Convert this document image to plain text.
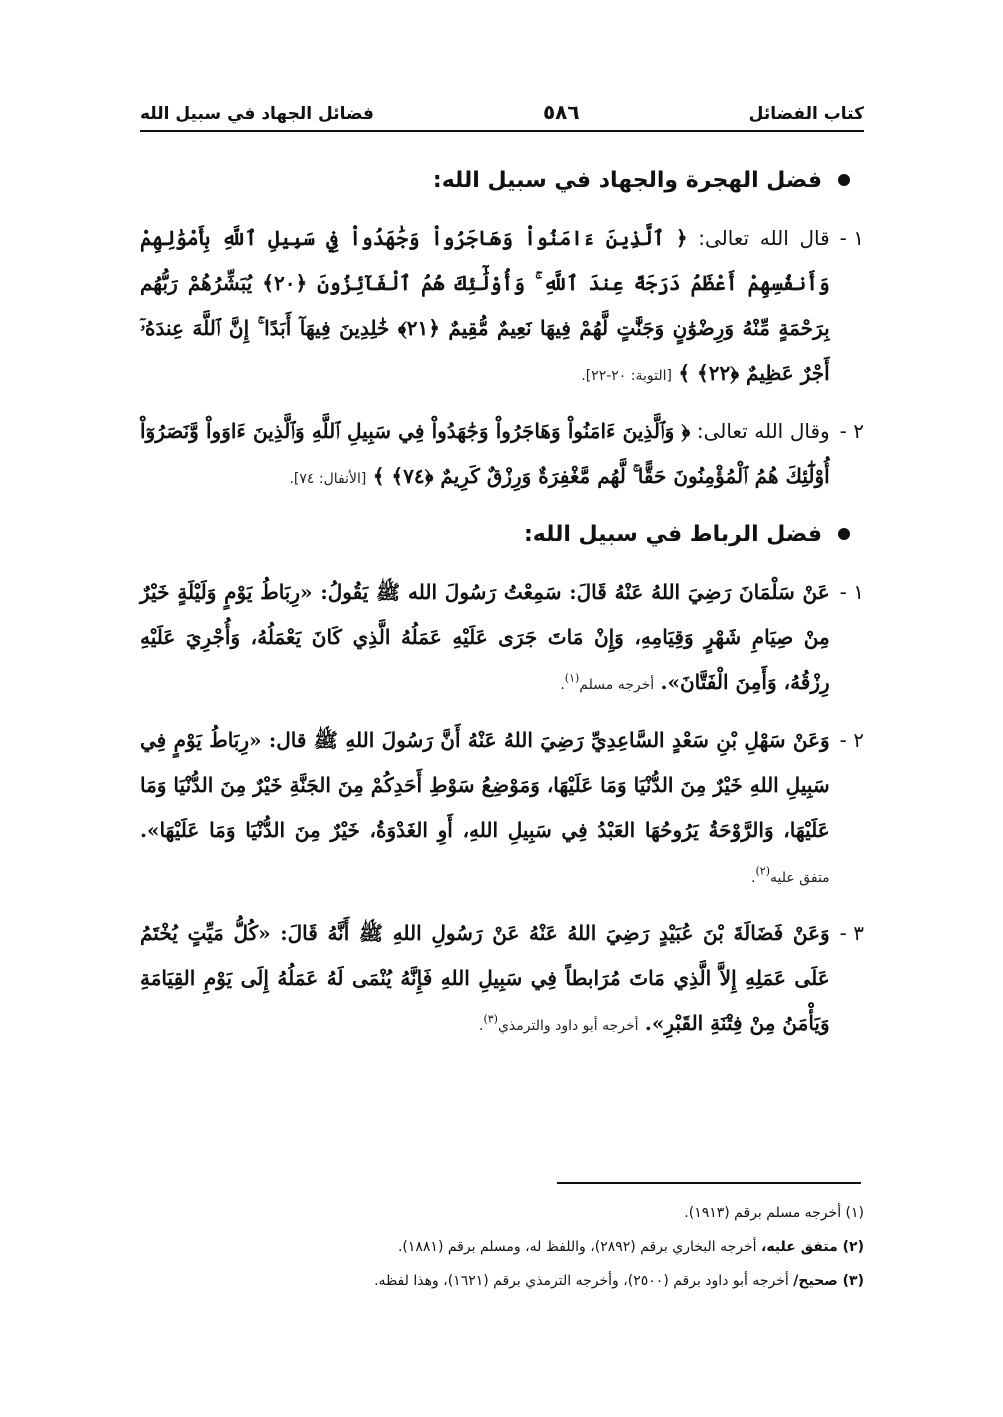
كتاب الفضائل
٥٨٦
فضائل الجهاد في سبيل الله
فضل الهجرة والجهاد في سبيل الله:
١ -
قال الله تعالى: ﴿ ٱلَّذِينَ ءَامَنُواْ وَهَاجَرُواْ وَجَٰهَدُواْ فِي سَبِيلِ ٱللَّهِ بِأَمْوَٰلِهِمْ وَأَنفُسِهِمْ أَعْظَمُ دَرَجَةً عِندَ ٱللَّهِ ۚ وَأُوْلَٰٓئِكَ هُمُ ٱلْفَآئِزُونَ ﴿٢٠﴾ يُبَشِّرُهُمْ رَبُّهُم بِرَحْمَةٍ مِّنْهُ وَرِضْوَٰنٍ وَجَنَّٰتٍ لَّهُمْ فِيهَا نَعِيمٌ مُّقِيمٌ ﴿٢١﴾ خَٰلِدِينَ فِيهَآ أَبَدًا ۚ إِنَّ ٱللَّهَ عِندَهُۥٓ أَجْرٌ عَظِيمٌ ﴿٢٢﴾ ﴾ [التوبة: ٢٠-٢٢].
٢ -
وقال الله تعالى: ﴿ وَٱلَّذِينَ ءَامَنُواْ وَهَاجَرُواْ وَجَٰهَدُواْ فِي سَبِيلِ ٱللَّهِ وَٱلَّذِينَ ءَاوَواْ وَّنَصَرُوٓاْ أُوْلَٰٓئِكَ هُمُ ٱلْمُؤْمِنُونَ حَقًّا ۚ لَّهُم مَّغْفِرَةٌ وَرِزْقٌ كَرِيمٌ ﴿٧٤﴾ ﴾ [الأنفال: ٧٤].
فضل الرباط في سبيل الله:
١ -
عَنْ سَلْمَانَ رَضِيَ اللهُ عَنْهُ قَالَ: سَمِعْتُ رَسُولَ الله ﷺ يَقُولُ: «رِبَاطُ يَوْمٍ وَلَيْلَةٍ خَيْرٌ مِنْ صِيَامِ شَهْرٍ وَقِيَامِهِ، وَإِنْ مَاتَ جَرَى عَلَيْهِ عَمَلُهُ الَّذِي كَانَ يَعْمَلُهُ، وَأُجْرِيَ عَلَيْهِ رِزْقُهُ، وَأَمِنَ الْفَتَّانَ». أخرجه مسلم$^{(١)}$.
٢ -
وَعَنْ سَهْلِ بْنِ سَعْدٍ السَّاعِدِيِّ رَضِيَ اللهُ عَنْهُ أَنَّ رَسُولَ اللهِ ﷺ قال: «رِبَاطُ يَوْمٍ فِي سَبِيلِ اللهِ خَيْرٌ مِنَ الدُّنْيَا وَمَا عَلَيْهَا، وَمَوْضِعُ سَوْطِ أَحَدِكُمْ مِنَ الجَنَّةِ خَيْرٌ مِنَ الدُّنْيَا وَمَا عَلَيْهَا، وَالرَّوْحَةُ يَرُوحُهَا العَبْدُ فِي سَبِيلِ اللهِ، أَوِ الغَدْوَةُ، خَيْرٌ مِنَ الدُّنْيَا وَمَا عَلَيْهَا». متفق عليه$^{(٢)}$.
٣ -
وَعَنْ فَضَالَةَ بْنَ عُبَيْدٍ رَضِيَ اللهُ عَنْهُ عَنْ رَسُولِ اللهِ ﷺ أَنَّهُ قَالَ: «كُلُّ مَيِّتٍ يُخْتَمُ عَلَى عَمَلِهِ إِلاَّ الَّذِي مَاتَ مُرَابطاً فِي سَبِيلِ اللهِ فَإِنَّهُ يُنْمَى لَهُ عَمَلُهُ إِلَى يَوْمِ القِيَامَةِ وَيَأْمَنُ مِنْ فِتْنَةِ القَبْرِ». أخرجه أبو داود والترمذي$^{(٣)}$.
(١) أخرجه مسلم برقم (١٩١٣).
(٢) متفق عليه، أخرجه البخاري برقم (٢٨٩٢)، واللفظ له، ومسلم برقم (١٨٨١).
(٣) صحيح/ أخرجه أبو داود برقم (٢٥٠٠)، وأخرجه الترمذي برقم (١٦٢١)، وهذا لفظه.
